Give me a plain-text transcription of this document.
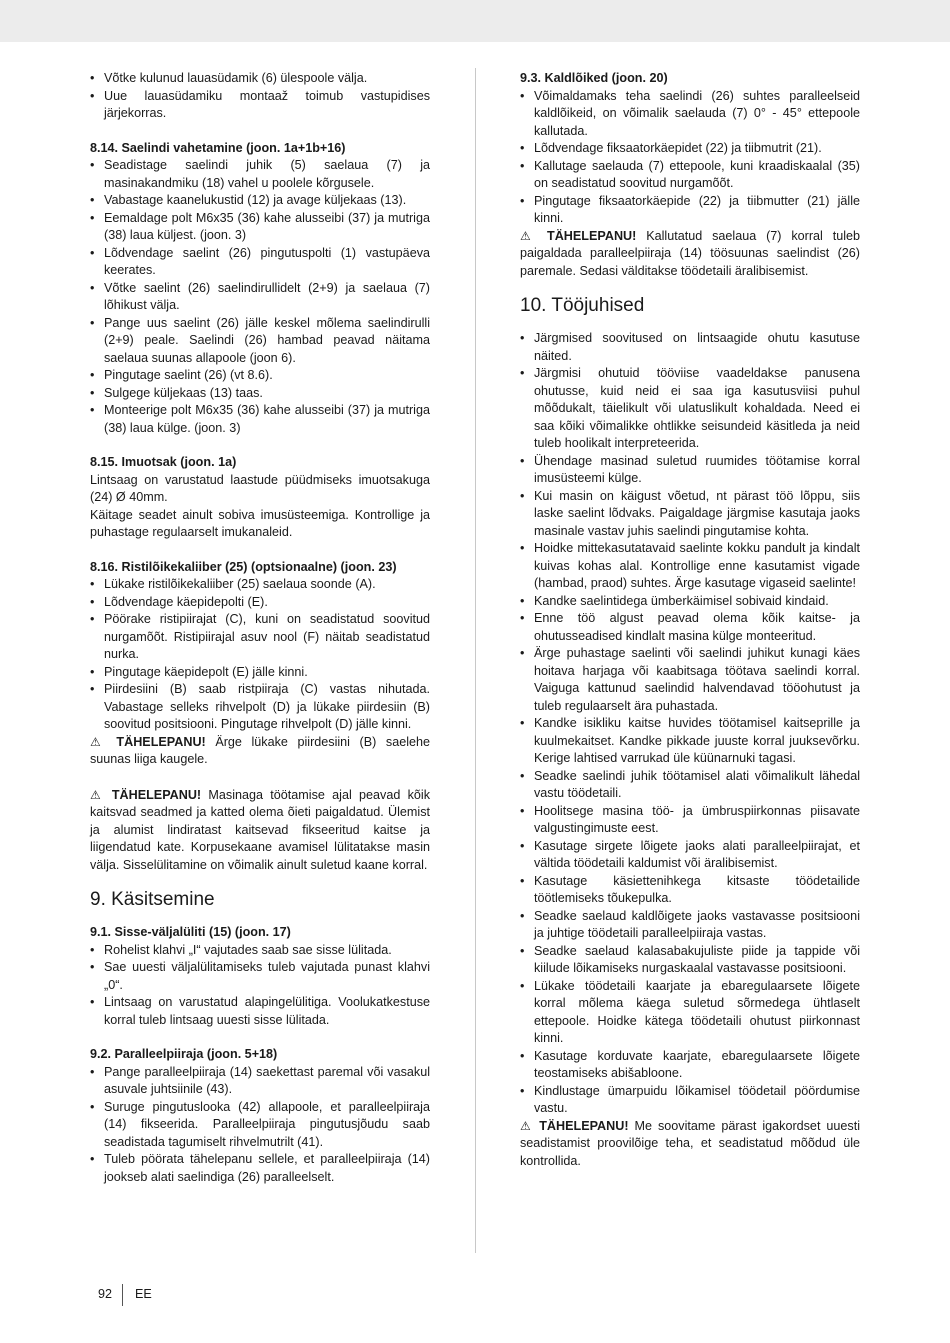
• Võtke kulunud lauasüdamik (6) ülespoole välja.
• Uue lauasüdamiku montaaž toimub vastupidises järjekorras.
8.14. Saelindi vahetamine (joon. 1a+1b+16)
• Seadistage saelindi juhik (5) saelaua (7) ja masinakandmiku (18) vahel u poolele kõrgusele.
• Vabastage kaanelukustid (12) ja avage küljekaas (13).
• Eemaldage polt M6x35 (36) kahe alusseibi (37) ja mutriga (38) laua küljest. (joon. 3)
• Lõdvendage saelint (26) pingutuspolti (1) vastupäeva keerates.
• Võtke saelint (26) saelindirullidelt (2+9) ja saelaua (7) lõhikust välja.
• Pange uus saelint (26) jälle keskel mõlema saelindirulli (2+9) peale. Saelindi (26) hambad peavad näitama saelaua suunas allapoole (joon 6).
• Pingutage saelint (26) (vt 8.6).
• Sulgege küljekaas (13) taas.
• Monteerige polt M6x35 (36) kahe alusseibi (37) ja mutriga (38) laua külge. (joon. 3)
8.15. Imuotsak (joon. 1a)

Lintsaag on varustatud laastude püüdmiseks imuotsakuga (24) Ø 40mm.

Käitage seadet ainult sobiva imusüsteemiga. Kontrollige ja puhastage regulaarselt imukanaleid.

8.16. Ristilõikekaliiber (25) (optsionaalne) (joon. 23)
• Lükake ristilõikekaliiber (25) saelaua soonde (A).
• Lõdvendage käepidepolti (E).
• Pöörake ristipiirajat (C), kuni on seadistatud soovitud nurgamõõt. Ristipiirajal asuv nool (F) näitab seadistatud nurka.
• Pingutage käepidepolt (E) jälle kinni.
• Piirdesiini (B) saab ristpiiraja (C) vastas nihutada. Vabastage selleks rihvelpolt (D) ja lükake piirdesiin (B) soovitud positsiooni. Pingutage rihvelpolt (D) jälle kinni.

⚠ TÄHELEPANU! Ärge lükake piirdesiini (B) saelehe suunas liiga kaugele.

⚠ TÄHELEPANU! Masinaga töötamise ajal peavad kõik kaitsvad seadmed ja katted olema õieti paigaldatud. Ülemist ja alumist lindiratast kaitsevad fikseeritud kaitse ja liigendatud kate. Korpusekaane avamisel lülitatakse masin välja. Sisselülitamine on võimalik ainult suletud kaane korral.

9. Käsitsemine
9.1. Sisse-väljalüliti (15) (joon. 17)
• Rohelist klahvi „I“ vajutades saab sae sisse lülitada.
• Sae uuesti väljalülitamiseks tuleb vajutada punast klahvi „0“.
• Lintsaag on varustatud alapingelülitiga. Voolukatkestuse korral tuleb lintsaag uuesti sisse lülitada.
9.2. Paralleelpiiraja (joon. 5+18)
• Pange paralleelpiiraja (14) saekettast paremal või vasakul asuvale juhtsiinile (43).
• Suruge pingutuslooka (42) allapoole, et paralleelpiiraja (14) fikseerida. Paralleelpiiraja pingutusjõudu saab seadistada tagumiselt rihvelmutrilt (41).
• Tuleb pöörata tähelepanu sellele, et paralleelpiiraja (14) jookseb alati saelindiga (26) paralleelselt.
9.3. Kaldlõiked (joon. 20)
• Võimaldamaks teha saelindi (26) suhtes paralleelseid kaldlõikeid, on võimalik saelauda (7) 0° - 45° ettepoole kallutada.
• Lõdvendage fiksaatorkäepidet (22) ja tiibmutrit (21).
• Kallutage saelauda (7) ettepoole, kuni kraadiskaalal (35) on seadistatud soovitud nurgamõõt.
• Pingutage fiksaatorkäepide (22) ja tiibmutter (21) jälle kinni.

⚠ TÄHELEPANU! Kallutatud saelaua (7) korral tuleb paigaldada paralleelpiiraja (14) töösuunas saelindist (26) paremale. Sedasi välditakse töödetaili äralibisemist.

10. Tööjuhised
• Järgmised soovitused on lintsaagide ohutu kasutuse näited.
• Järgmisi ohutuid tööviise vaadeldakse panusena ohutusse, kuid neid ei saa iga kasutusviisi puhul mõõdukalt, täielikult või ulatuslikult kohaldada. Need ei saa kõiki võimalikke ohtlikke seisundeid käsitleda ja neid tuleb hoolikalt interpreteerida.
• Ühendage masinad suletud ruumides töötamise korral imusüsteemi külge.
• Kui masin on käigust võetud, nt pärast töö lõppu, siis laske saelint lõdvaks. Paigaldage järgmise kasutaja jaoks masinale vastav juhis saelindi pingutamise kohta.
• Hoidke mittekasutatavaid saelinte kokku pandult ja kindalt kuivas kohas alal. Kontrollige enne kasutamist vigade (hambad, praod) suhtes. Ärge kasutage vigaseid saelinte!
• Kandke saelintidega ümberkäimisel sobivaid kindaid.
• Enne töö algust peavad olema kõik kaitse- ja ohutusseadised kindlalt masina külge monteeritud.
• Ärge puhastage saelinti või saelindi juhikut kunagi käes hoitava harjaga või kaabitsaga töötava saelindi korral. Vaiguga kattunud saelindid halvendavad tööohutust ja tuleb regulaarselt ära puhastada.
• Kandke isikliku kaitse huvides töötamisel kaitseprille ja kuulmekaitset. Kandke pikkade juuste korral juuksevõrku. Kerige lahtised varrukad üle küünarnuki tagasi.
• Seadke saelindi juhik töötamisel alati võimalikult lähedal vastu töödetaili.
• Hoolitsege masina töö- ja ümbruspiirkonnas piisavate valgustingimuste eest.
• Kasutage sirgete lõigete jaoks alati paralleelpiirajat, et vältida töödetaili kaldumist või äralibisemist.
• Kasutage käsiettenihkega kitsaste töödetailide töötlemiseks tõukepulka.
• Seadke saelaud kaldlõigete jaoks vastavasse positsiooni ja juhtige töödetaili paralleelpiiraja vastas.
• Seadke saelaud kalasabakujuliste piide ja tappide või kiilude lõikamiseks nurgaskaalal vastavasse positsiooni.
• Lükake töödetaili kaarjate ja ebaregulaarsete lõigete korral mõlema käega suletud sõrmedega ühtlaselt ettepoole. Hoidke kätega töödetaili ohutust piirkonnast kinni.
• Kasutage korduvate kaarjate, ebaregulaarsete lõigete teostamiseks abišabloone.
• Kindlustage ümarpuidu lõikamisel töödetail pöördumise vastu.

⚠ TÄHELEPANU! Me soovitame pärast igakordset uuesti seadistamist proovilõige teha, et seadistatud mõõdud üle kontrollida.

92 EE
